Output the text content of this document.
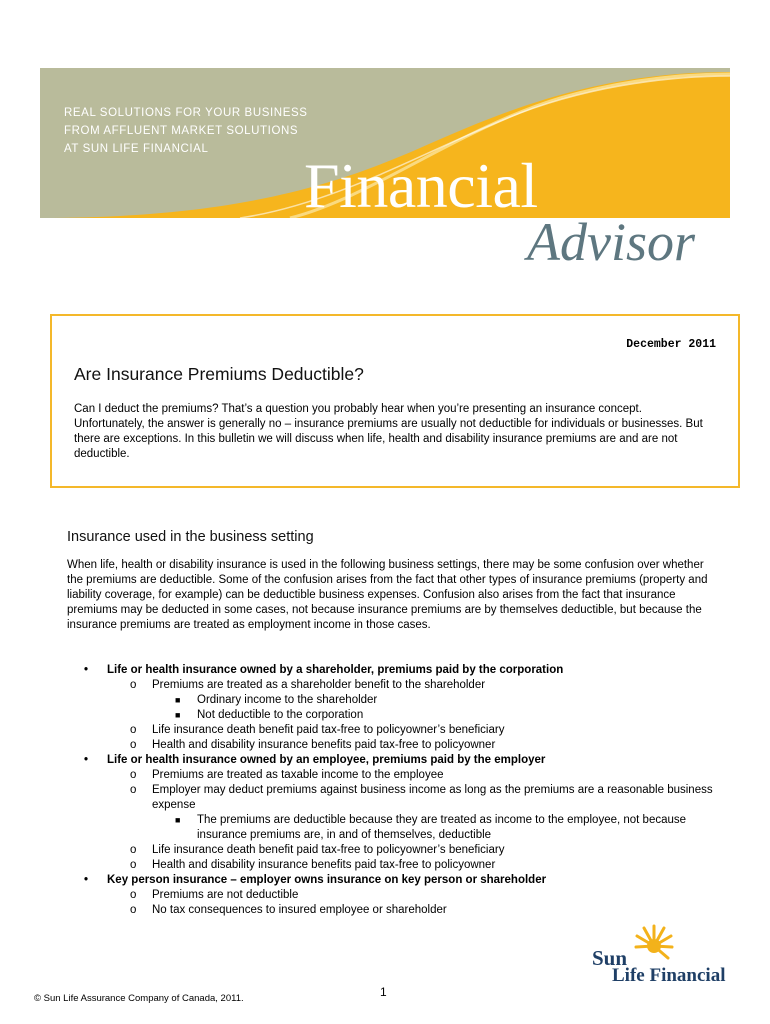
REAL SOLUTIONS FOR YOUR BUSINESS
FROM AFFLUENT MARKET SOLUTIONS
AT SUN LIFE FINANCIAL
Financial
Advisor
December 2011
Are Insurance Premiums Deductible?
Can I deduct the premiums? That’s a question you probably hear when you’re presenting an insurance concept. Unfortunately, the answer is generally no – insurance premiums are usually not deductible for individuals or businesses. But there are exceptions. In this bulletin we will discuss when life, health and disability insurance premiums are and are not deductible.
Insurance used in the business setting
When life, health or disability insurance is used in the following business settings, there may be some confusion over whether the premiums are deductible. Some of the confusion arises from the fact that other types of insurance premiums (property and liability coverage, for example) can be deductible business expenses. Confusion also arises from the fact that insurance premiums may be deducted in some cases, not because insurance premiums are by themselves deductible, but because the insurance premiums are treated as employment income in those cases.
• Life or health insurance owned by a shareholder, premiums paid by the corporation
o Premiums are treated as a shareholder benefit to the shareholder
■ Ordinary income to the shareholder
■ Not deductible to the corporation
o Life insurance death benefit paid tax-free to policyowner’s beneficiary
o Health and disability insurance benefits paid tax-free to policyowner
• Life or health insurance owned by an employee, premiums paid by the employer
o Premiums are treated as taxable income to the employee
o Employer may deduct premiums against business income as long as the premiums are a reasonable business expense
■ The premiums are deductible because they are treated as income to the employee, not because insurance premiums are, in and of themselves, deductible
o Life insurance death benefit paid tax-free to policyowner’s beneficiary
o Health and disability insurance benefits paid tax-free to policyowner
• Key person insurance – employer owns insurance on key person or shareholder
o Premiums are not deductible
o No tax consequences to insured employee or shareholder
Sun
Life Financial
1
© Sun Life Assurance Company of Canada, 2011.
